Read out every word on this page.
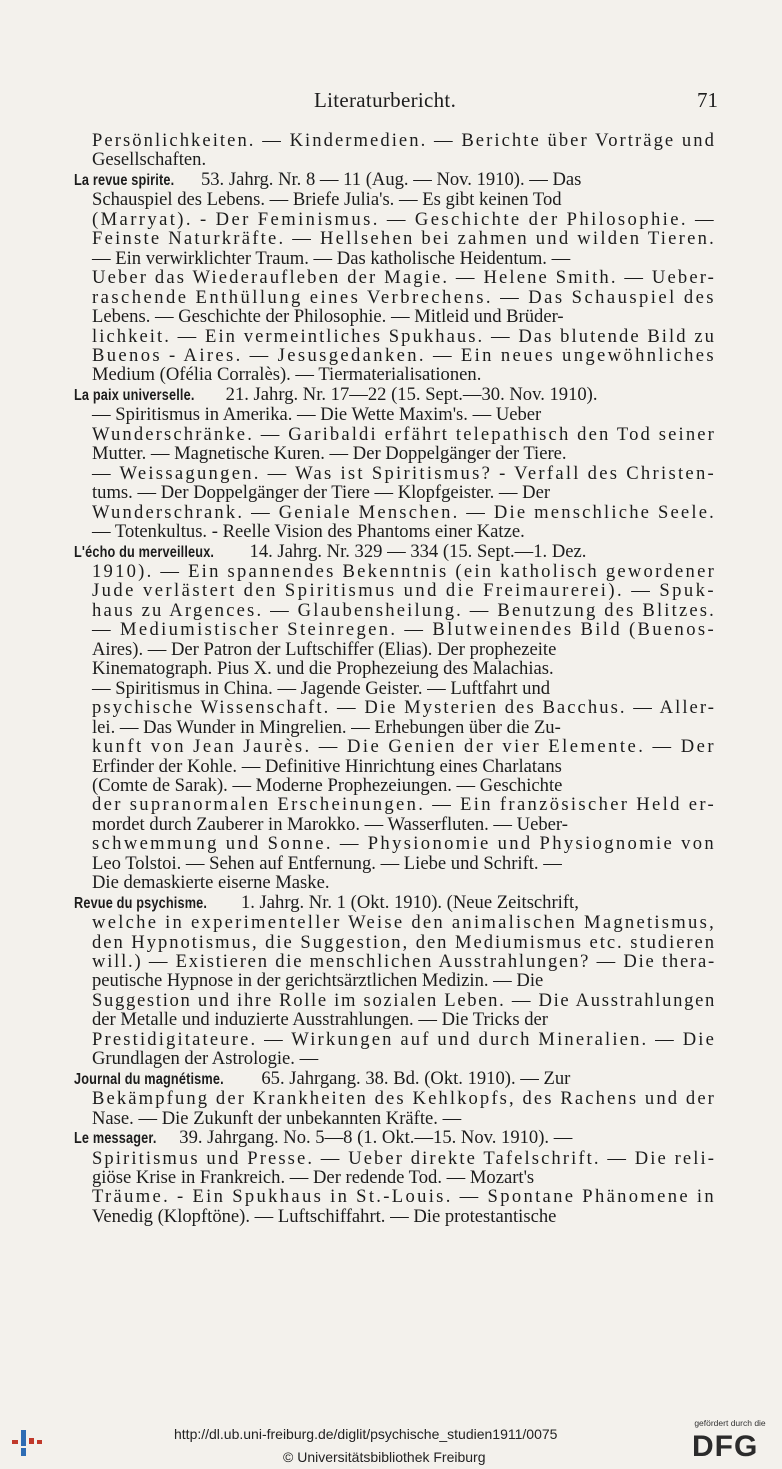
Literaturbericht.	71
Persönlichkeiten. — Kindermedien. — Berichte über Vorträge und
Gesellschaften.
La revue spirite. 53. Jahrg. Nr. 8 — 11 (Aug. — Nov. 1910). — Das
Schauspiel des Lebens. — Briefe Julia's. — Es gibt keinen Tod
(Marryat). - Der Feminismus. — Geschichte der Philosophie. —
Feinste Naturkräfte. — Hellsehen bei zahmen und wilden Tieren.
— Ein verwirklichter Traum. — Das katholische Heidentum. —
Ueber das Wiederaufleben der Magie. — Helene Smith. — Ueber-
raschende Enthüllung eines Verbrechens. — Das Schauspiel des
Lebens. — Geschichte der Philosophie. — Mitleid und Brüder-
lichkeit. — Ein vermeintliches Spukhaus. — Das blutende Bild zu
Buenos - Aires. — Jesusgedanken. — Ein neues ungewöhnliches
Medium (Ofélia Corralès). — Tiermaterialisationen.
La paix universelle. 21. Jahrg. Nr. 17—22 (15. Sept.—30. Nov. 1910).
— Spiritismus in Amerika. — Die Wette Maxim's. — Ueber
Wunderschränke. — Garibaldi erfährt telepathisch den Tod seiner
Mutter. — Magnetische Kuren. — Der Doppelgänger der Tiere.
— Weissagungen. — Was ist Spiritismus? - Verfall des Christen-
tums. — Der Doppelgänger der Tiere — Klopfgeister. — Der
Wunderschrank. — Geniale Menschen. — Die menschliche Seele.
— Totenkultus. - Reelle Vision des Phantoms einer Katze.
L'écho du merveilleux. 14. Jahrg. Nr. 329 — 334 (15. Sept.—1. Dez.
1910). — Ein spannendes Bekenntnis (ein katholisch gewordener
Jude verlästert den Spiritismus und die Freimaurerei). — Spuk-
haus zu Argences. — Glaubensheilung. — Benutzung des Blitzes.
— Mediumistischer Steinregen. — Blutweinendes Bild (Buenos-
Aires). — Der Patron der Luftschiffer (Elias). Der prophezeite
Kinematograph. Pius X. und die Prophezeiung des Malachias.
— Spiritismus in China. — Jagende Geister. — Luftfahrt und
psychische Wissenschaft. — Die Mysterien des Bacchus. — Aller-
lei. — Das Wunder in Mingrelien. — Erhebungen über die Zu-
kunft von Jean Jaurès. — Die Genien der vier Elemente. — Der
Erfinder der Kohle. — Definitive Hinrichtung eines Charlatans
(Comte de Sarak). — Moderne Prophezeiungen. — Geschichte
der supranormalen Erscheinungen. — Ein französischer Held er-
mordet durch Zauberer in Marokko. — Wasserfluten. — Ueber-
schwemmung und Sonne. — Physionomie und Physiognomie von
Leo Tolstoi. — Sehen auf Entfernung. — Liebe und Schrift. —
Die demaskierte eiserne Maske.
Revue du psychisme. 1. Jahrg. Nr. 1 (Okt. 1910). (Neue Zeitschrift,
welche in experimenteller Weise den animalischen Magnetismus,
den Hypnotismus, die Suggestion, den Mediumismus etc. studieren
will.) — Existieren die menschlichen Ausstrahlungen? — Die thera-
peutische Hypnose in der gerichtsärztlichen Medizin. — Die
Suggestion und ihre Rolle im sozialen Leben. — Die Ausstrahlungen
der Metalle und induzierte Ausstrahlungen. — Die Tricks der
Prestidigitateure. — Wirkungen auf und durch Mineralien. — Die
Grundlagen der Astrologie. —
Journal du magnétisme. 65. Jahrgang. 38. Bd. (Okt. 1910). — Zur
Bekämpfung der Krankheiten des Kehlkopfs, des Rachens und der
Nase. — Die Zukunft der unbekannten Kräfte. —
Le messager. 39. Jahrgang. No. 5—8 (1. Okt.—15. Nov. 1910). —
Spiritismus und Presse. — Ueber direkte Tafelschrift. — Die reli-
giöse Krise in Frankreich. — Der redende Tod. — Mozart's
Träume. - Ein Spukhaus in St.-Louis. — Spontane Phänomene in
Venedig (Klopftöne). — Luftschiffahrt. — Die protestantische
http://dl.ub.uni-freiburg.de/diglit/psychische_studien1911/0075
© Universitätsbibliothek Freiburg
gefördert durch die
DFG
